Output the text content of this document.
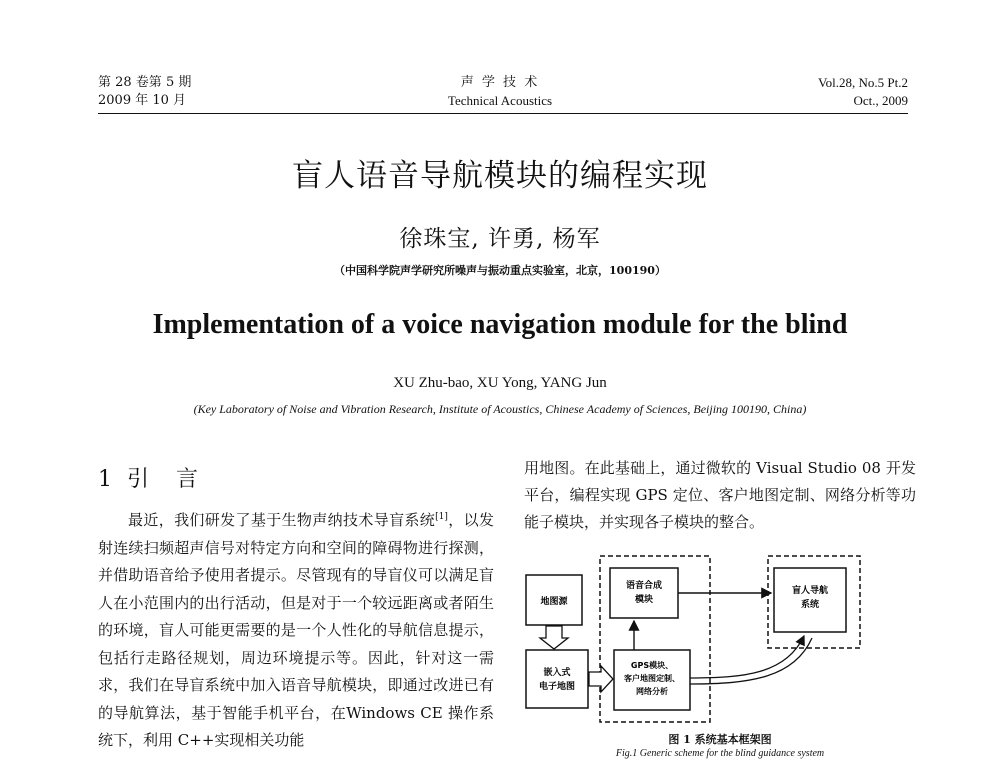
第 28 卷第 5 期
2009 年 10 月
声 学 技 术
Technical Acoustics
Vol.28, No.5 Pt.2
Oct., 2009
盲人语音导航模块的编程实现
徐珠宝, 许勇, 杨军
（中国科学院声学研究所噪声与振动重点实验室，北京，100190）
Implementation of a voice navigation module for the blind
XU Zhu-bao, XU Yong, YANG Jun
(Key Laboratory of Noise and Vibration Research, Institute of Acoustics, Chinese Academy of Sciences, Beijing 100190, China)
1 引 言

最近，我们研发了基于生物声纳技术导盲系统[1]，以发射连续扫频超声信号对特定方向和空间的障碍物进行探测，并借助语音给予使用者提示。尽管现有的导盲仪可以满足盲人在小范围内的出行活动，但是对于一个较远距离或者陌生的环境，盲人可能更需要的是一个人性化的导航信息提示，包括行走路径规划，周边环境提示等。因此，针对这一需求，我们在导盲系统中加入语音导航模块，即通过改进已有的导航算法，基于智能手机平台，在Windows CE 操作系统下，利用 C++实现相关功能

用地图。在此基础上，通过微软的 Visual Studio 08 开发平台，编程实现 GPS 定位、客户地图定制、网络分析等功能子模块，并实现各子模块的整合。

地图源
语音合成
模块
盲人导航
系统
嵌入式
电子地图
GPS模块、
客户地图定制、
网络分析
图 1 系统基本框架图
Fig.1 Generic scheme for the blind guidance system
